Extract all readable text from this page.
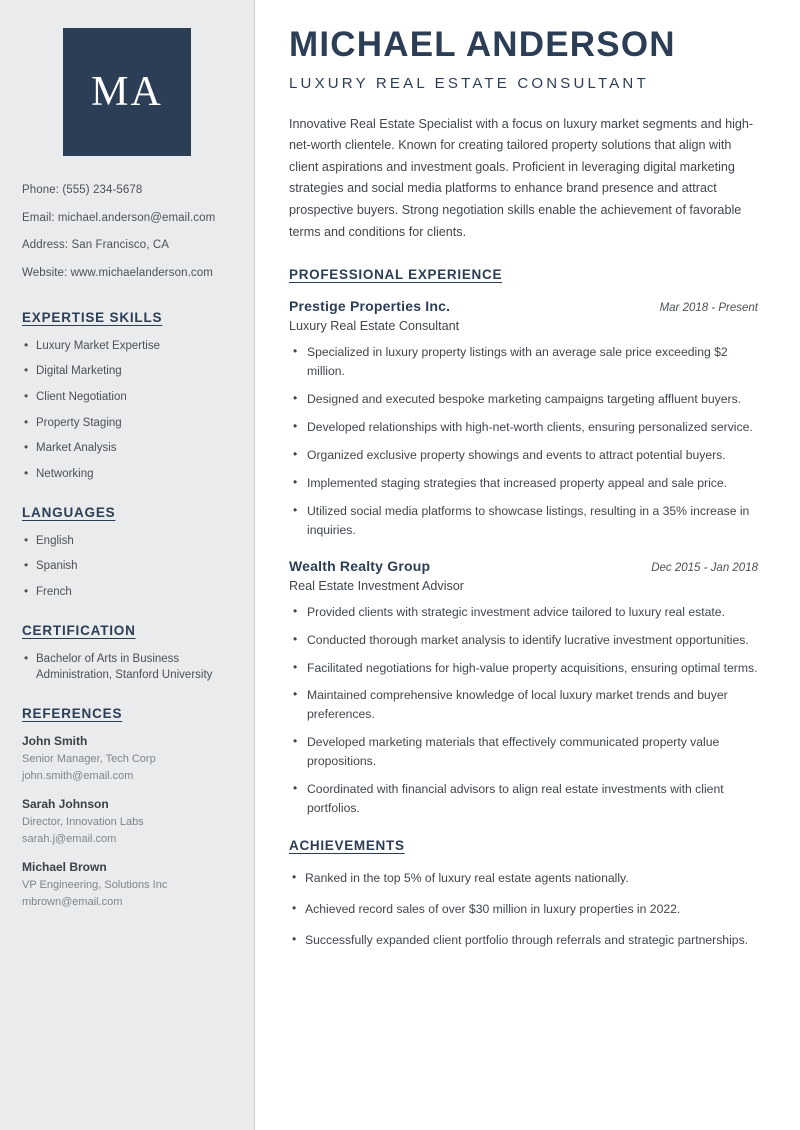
MA
Phone: (555) 234-5678
Email: michael.anderson@email.com
Address: San Francisco, CA
Website: www.michaelanderson.com
EXPERTISE SKILLS
• Luxury Market Expertise
• Digital Marketing
• Client Negotiation
• Property Staging
• Market Analysis
• Networking
LANGUAGES
• English
• Spanish
• French
CERTIFICATION
• Bachelor of Arts in Business Administration, Stanford University
REFERENCES
John Smith
Senior Manager, Tech Corp
john.smith@email.com
Sarah Johnson
Director, Innovation Labs
sarah.j@email.com
Michael Brown
VP Engineering, Solutions Inc
mbrown@email.com
MICHAEL ANDERSON
LUXURY REAL ESTATE CONSULTANT

Innovative Real Estate Specialist with a focus on luxury market segments and high-net-worth clientele. Known for creating tailored property solutions that align with client aspirations and investment goals. Proficient in leveraging digital marketing strategies and social media platforms to enhance brand presence and attract prospective buyers. Strong negotiation skills enable the achievement of favorable terms and conditions for clients.

PROFESSIONAL EXPERIENCE
Prestige Properties Inc.	Mar 2018 - Present
Luxury Real Estate Consultant
• Specialized in luxury property listings with an average sale price exceeding $2 million.
• Designed and executed bespoke marketing campaigns targeting affluent buyers.
• Developed relationships with high-net-worth clients, ensuring personalized service.
• Organized exclusive property showings and events to attract potential buyers.
• Implemented staging strategies that increased property appeal and sale price.
• Utilized social media platforms to showcase listings, resulting in a 35% increase in inquiries.
Wealth Realty Group	Dec 2015 - Jan 2018
Real Estate Investment Advisor
• Provided clients with strategic investment advice tailored to luxury real estate.
• Conducted thorough market analysis to identify lucrative investment opportunities.
• Facilitated negotiations for high-value property acquisitions, ensuring optimal terms.
• Maintained comprehensive knowledge of local luxury market trends and buyer preferences.
• Developed marketing materials that effectively communicated property value propositions.
• Coordinated with financial advisors to align real estate investments with client portfolios.
ACHIEVEMENTS
• Ranked in the top 5% of luxury real estate agents nationally.
• Achieved record sales of over $30 million in luxury properties in 2022.
• Successfully expanded client portfolio through referrals and strategic partnerships.
